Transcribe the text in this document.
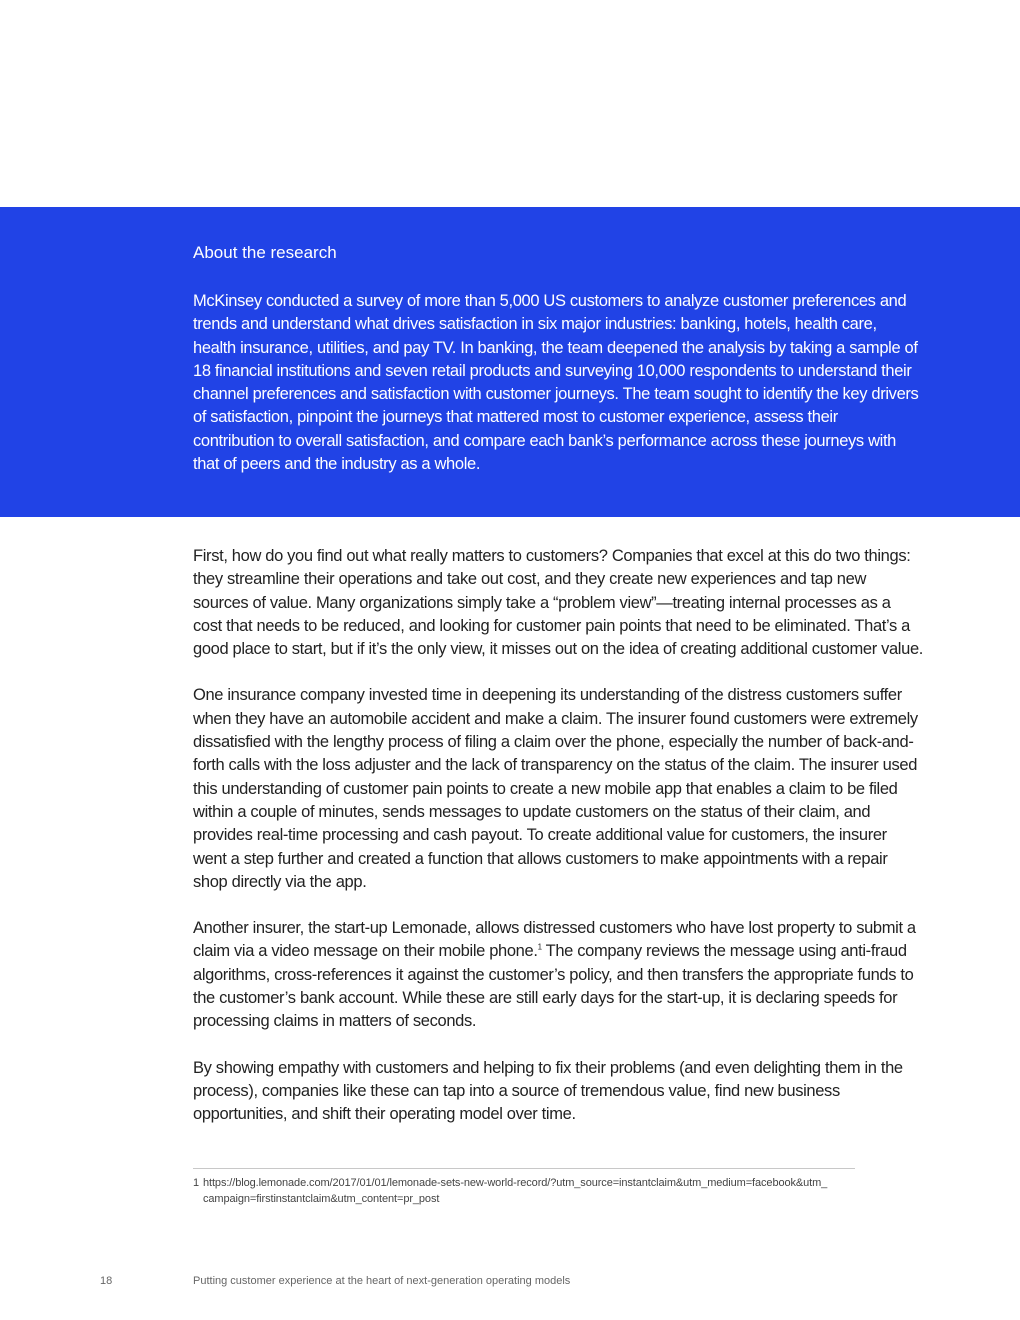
About the research

McKinsey conducted a survey of more than 5,000 US customers to analyze customer preferences and trends and understand what drives satisfaction in six major industries: banking, hotels, health care, health insurance, utilities, and pay TV. In banking, the team deepened the analysis by taking a sample of 18 financial institutions and seven retail products and surveying 10,000 respondents to understand their channel preferences and satisfaction with customer journeys. The team sought to identify the key drivers of satisfaction, pinpoint the journeys that mattered most to customer experience, assess their contribution to overall satisfaction, and compare each bank’s performance across these journeys with that of peers and the industry as a whole.

First, how do you find out what really matters to customers? Companies that excel at this do two things: they streamline their operations and take out cost, and they create new experiences and tap new sources of value. Many organizations simply take a “problem view”—treating internal processes as a cost that needs to be reduced, and looking for customer pain points that need to be eliminated. That’s a good place to start, but if it’s the only view, it misses out on the idea of creating additional customer value.

One insurance company invested time in deepening its understanding of the distress customers suffer when they have an automobile accident and make a claim. The insurer found customers were extremely dissatisfied with the lengthy process of filing a claim over the phone, especially the number of back-and-forth calls with the loss adjuster and the lack of transparency on the status of the claim. The insurer used this understanding of customer pain points to create a new mobile app that enables a claim to be filed within a couple of minutes, sends messages to update customers on the status of their claim, and provides real-time processing and cash payout. To create additional value for customers, the insurer went a step further and created a function that allows customers to make appointments with a repair shop directly via the app.

Another insurer, the start-up Lemonade, allows distressed customers who have lost property to submit a claim via a video message on their mobile phone.$^1$ The company reviews the message using anti-fraud algorithms, cross-references it against the customer’s policy, and then transfers the appropriate funds to the customer’s bank account. While these are still early days for the start-up, it is declaring speeds for processing claims in matters of seconds.

By showing empathy with customers and helping to fix their problems (and even delighting them in the process), companies like these can tap into a source of tremendous value, find new business opportunities, and shift their operating model over time.

1 https://blog.lemonade.com/2017/01/01/lemonade-sets-new-world-record/?utm_source=instantclaim&utm_medium=facebook&utm_
campaign=firstinstantclaim&utm_content=pr_post
18	Putting customer experience at the heart of next-generation operating models
